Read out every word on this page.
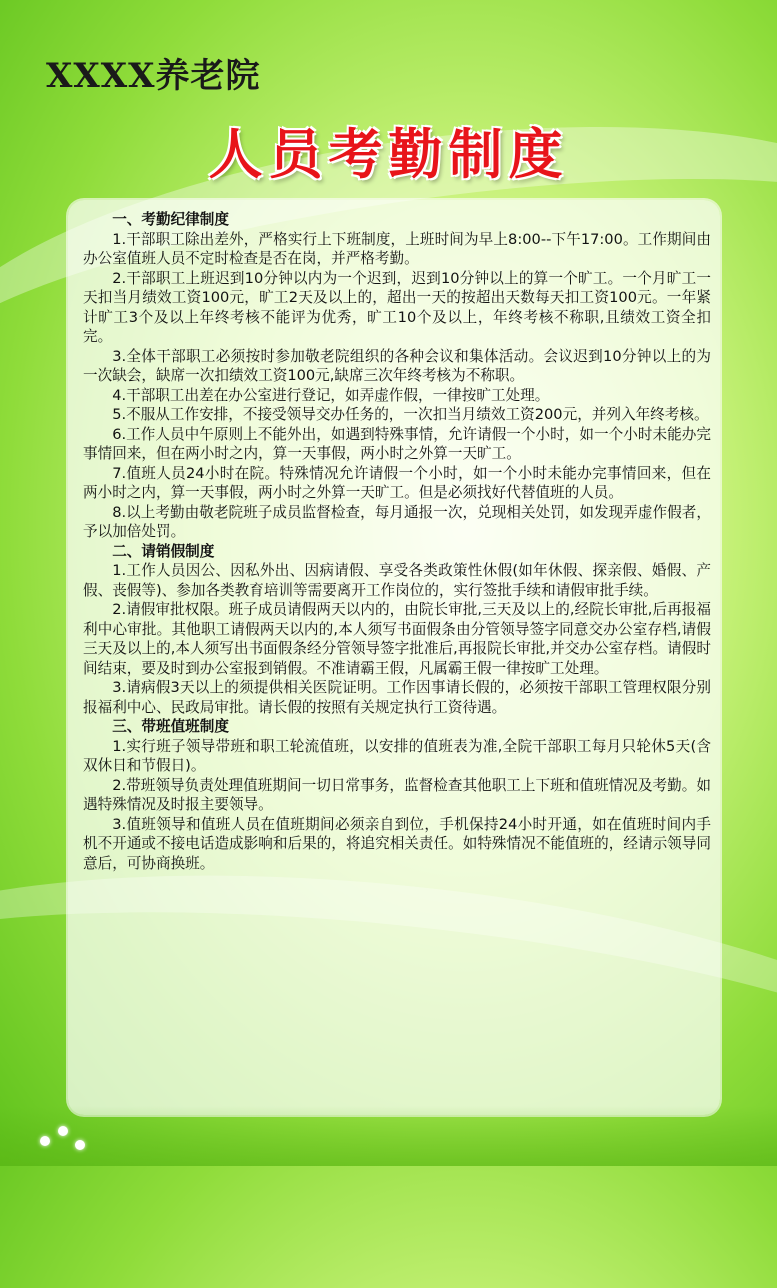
XXXX养老院
人员考勤制度

一、考勤纪律制度

1.干部职工除出差外，严格实行上下班制度，上班时间为早上8:00--下午17:00。工作期间由办公室值班人员不定时检查是否在岗，并严格考勤。

2.干部职工上班迟到10分钟以内为一个迟到，迟到10分钟以上的算一个旷工。一个月旷工一天扣当月绩效工资100元，旷工2天及以上的，超出一天的按超出天数每天扣工资100元。一年紧计旷工3个及以上年终考核不能评为优秀，旷工10个及以上，年终考核不称职,且绩效工资全扣完。

3.全体干部职工必须按时参加敬老院组织的各种会议和集体活动。会议迟到10分钟以上的为一次缺会，缺席一次扣绩效工资100元,缺席三次年终考核为不称职。

4.干部职工出差在办公室进行登记，如弄虚作假，一律按旷工处理。

5.不服从工作安排，不接受领导交办任务的，一次扣当月绩效工资200元，并列入年终考核。

6.工作人员中午原则上不能外出，如遇到特殊事情，允许请假一个小时，如一个小时未能办完事情回来，但在两小时之内，算一天事假，两小时之外算一天旷工。

7.值班人员24小时在院。特殊情况允许请假一个小时，如一个小时未能办完事情回来，但在两小时之内，算一天事假，两小时之外算一天旷工。但是必须找好代替值班的人员。

8.以上考勤由敬老院班子成员监督检查，每月通报一次，兑现相关处罚，如发现弄虚作假者，予以加倍处罚。

二、请销假制度

1.工作人员因公、因私外出、因病请假、享受各类政策性休假(如年休假、探亲假、婚假、产假、丧假等)、参加各类教育培训等需要离开工作岗位的，实行签批手续和请假审批手续。

2.请假审批权限。班子成员请假两天以内的，由院长审批,三天及以上的,经院长审批,后再报福利中心审批。其他职工请假两天以内的,本人须写书面假条由分管领导签字同意交办公室存档,请假三天及以上的,本人须写出书面假条经分管领导签字批准后,再报院长审批,并交办公室存档。请假时间结束，要及时到办公室报到销假。不准请霸王假，凡属霸王假一律按旷工处理。

3.请病假3天以上的须提供相关医院证明。工作因事请长假的，必须按干部职工管理权限分别报福利中心、民政局审批。请长假的按照有关规定执行工资待遇。

三、带班值班制度

1.实行班子领导带班和职工轮流值班，以安排的值班表为准,全院干部职工每月只轮休5天(含双休日和节假日)。

2.带班领导负责处理值班期间一切日常事务，监督检查其他职工上下班和值班情况及考勤。如遇特殊情况及时报主要领导。

3.值班领导和值班人员在值班期间必须亲自到位，手机保持24小时开通，如在值班时间内手机不开通或不接电话造成影响和后果的，将追究相关责任。如特殊情况不能值班的，经请示领导同意后，可协商换班。
